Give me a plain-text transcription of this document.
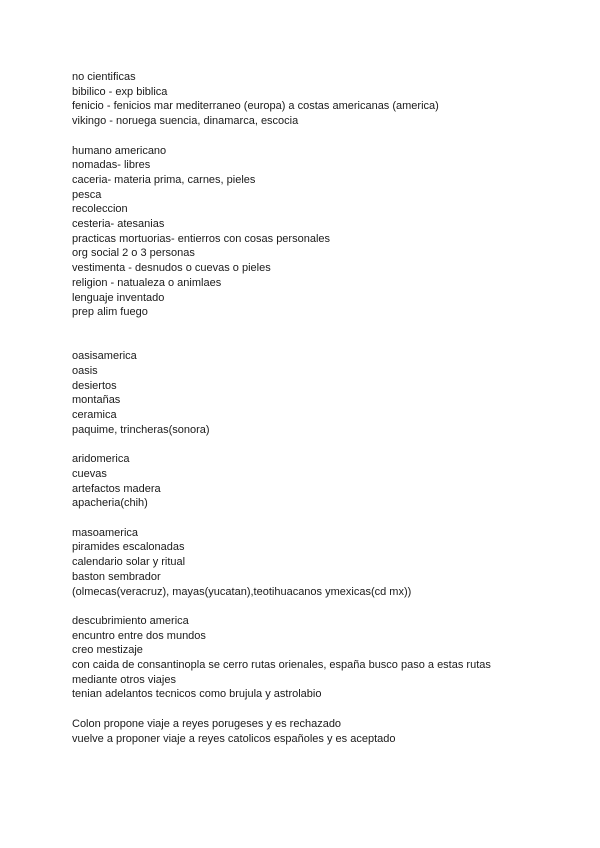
no cientificas
bibilico - exp biblica
fenicio - fenicios mar mediterraneo (europa) a costas americanas (america)
vikingo - noruega suencia, dinamarca, escocia
humano americano
nomadas- libres
caceria- materia prima, carnes, pieles
pesca
recoleccion
cesteria- atesanias
practicas mortuorias- entierros con cosas personales
org social 2 o 3 personas
vestimenta - desnudos o cuevas o pieles
religion - natualeza o animlaes
lenguaje inventado
prep alim fuego
oasisamerica
oasis
desiertos
montañas
ceramica
paquime, trincheras(sonora)
aridomerica
cuevas
artefactos madera
apacheria(chih)
masoamerica
piramides escalonadas
calendario solar y ritual
baston sembrador
(olmecas(veracruz), mayas(yucatan),teotihuacanos ymexicas(cd mx))
descubrimiento america
encuntro entre dos mundos
creo mestizaje
con caida de consantinopla se cerro rutas orienales, españa busco paso a estas rutas
mediante otros viajes
tenian adelantos tecnicos como brujula y astrolabio
Colon propone viaje a reyes porugeses y es rechazado
vuelve a proponer viaje a reyes catolicos españoles y es aceptado
